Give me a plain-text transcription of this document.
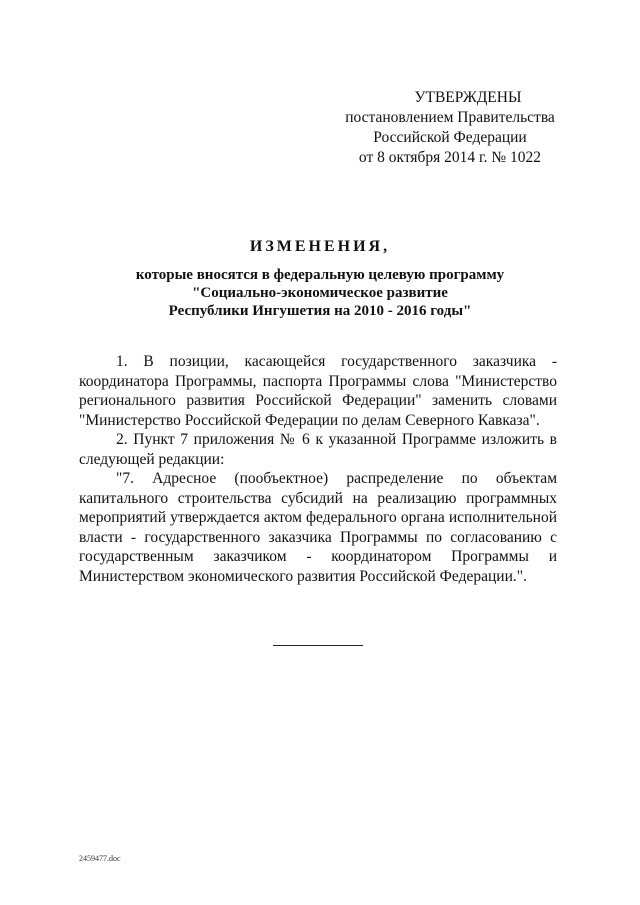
УТВЕРЖДЕНЫ
постановлением Правительства
Российской Федерации
от 8 октября 2014 г. № 1022
ИЗМЕНЕНИЯ,
которые вносятся в федеральную целевую программу
"Социально-экономическое развитие
Республики Ингушетия на 2010 - 2016 годы"

1. В позиции, касающейся государственного заказчика - координатора Программы, паспорта Программы слова "Министерство регионального развития Российской Федерации" заменить словами "Министерство Российской Федерации по делам Северного Кавказа".

2. Пункт 7 приложения № 6 к указанной Программе изложить в следующей редакции:

"7. Адресное (пообъектное) распределение по объектам капитального строительства субсидий на реализацию программных мероприятий утверждается актом федерального органа исполнительной власти - государственного заказчика Программы по согласованию с государственным заказчиком - координатором Программы и Министерством экономического развития Российской Федерации.".

2459477.doc
